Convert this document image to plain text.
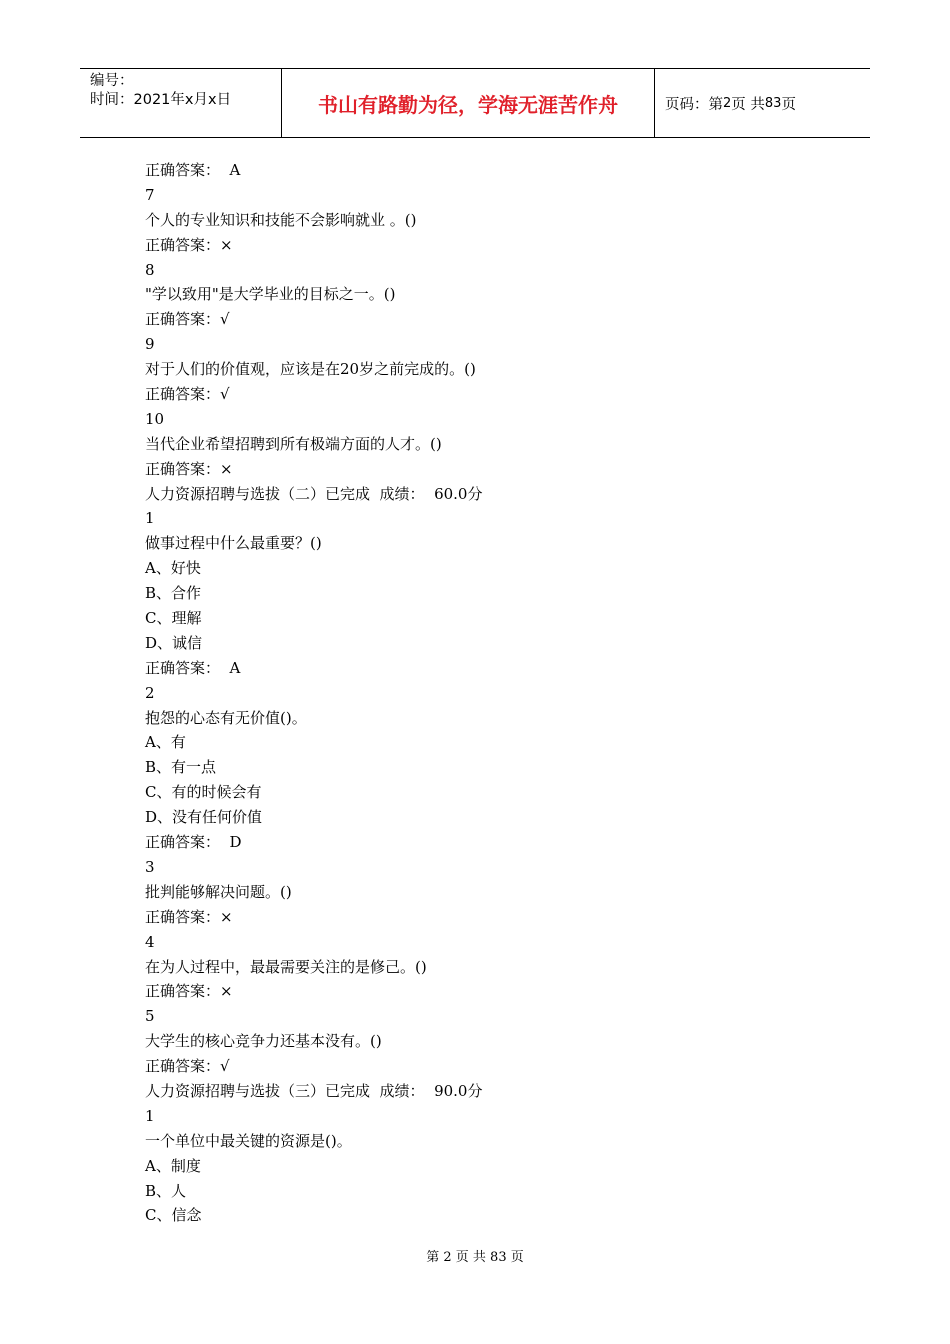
编号：
时间：2021年x月x日	书山有路勤为径，学海无涯苦作舟	页码：第 2 页 共 83 页
正确答案：  A
7
个人的专业知识和技能不会影响就业 。()
正确答案：×
8
"学以致用"是大学毕业的目标之一。()
正确答案：√
9
对于人们的价值观，应该是在20岁之前完成的。()
正确答案：√
10
当代企业希望招聘到所有极端方面的人才。()
正确答案：×
人力资源招聘与选拔（二）已完成  成绩：  60.0分
1
做事过程中什么最重要？()
A、好快
B、合作
C、理解
D、诚信
正确答案：  A
2
抱怨的心态有无价值()。
A、有
B、有一点
C、有的时候会有
D、没有任何价值
正确答案：  D
3
批判能够解决问题。()
正确答案：×
4
在为人过程中，最最需要关注的是修己。()
正确答案：×
5
大学生的核心竞争力还基本没有。()
正确答案：√
人力资源招聘与选拔（三）已完成  成绩：  90.0分
1
一个单位中最关键的资源是()。
A、制度
B、人
C、信念
第 2 页 共 83 页
